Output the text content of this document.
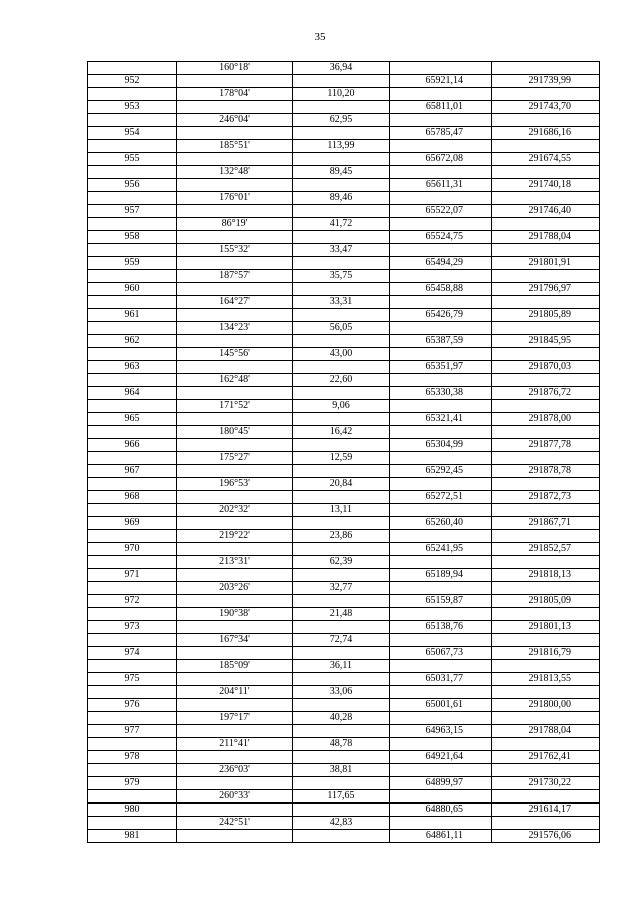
35
	160°18'	36,94		
952			65921,14	291739,99
	178°04'	110,20		
953			65811,01	291743,70
	246°04'	62,95		
954			65785,47	291686,16
	185°51'	113,99		
955			65672,08	291674,55
	132°48'	89,45		
956			65611,31	291740,18
	176°01'	89,46		
957			65522,07	291746,40
	86°19'	41,72		
958			65524,75	291788,04
	155°32'	33,47		
959			65494,29	291801,91
	187°57'	35,75		
960			65458,88	291796,97
	164°27'	33,31		
961			65426,79	291805,89
	134°23'	56,05		
962			65387,59	291845,95
	145°56'	43,00		
963			65351,97	291870,03
	162°48'	22,60		
964			65330,38	291876,72
	171°52'	9,06		
965			65321,41	291878,00
	180°45'	16,42		
966			65304,99	291877,78
	175°27'	12,59		
967			65292,45	291878,78
	196°53'	20,84		
968			65272,51	291872,73
	202°32'	13,11		
969			65260,40	291867,71
	219°22'	23,86		
970			65241,95	291852,57
	213°31'	62,39		
971			65189,94	291818,13
	203°26'	32,77		
972			65159,87	291805,09
	190°38'	21,48		
973			65138,76	291801,13
	167°34'	72,74		
974			65067,73	291816,79
	185°09'	36,11		
975			65031,77	291813,55
	204°11'	33,06		
976			65001,61	291800,00
	197°17'	40,28		
977			64963,15	291788,04
	211°41'	48,78		
978			64921,64	291762,41
	236°03'	38,81		
979			64899,97	291730,22
	260°33'	117,65		
980			64880,65	291614,17
	242°51'	42,83		
981			64861,11	291576,06
